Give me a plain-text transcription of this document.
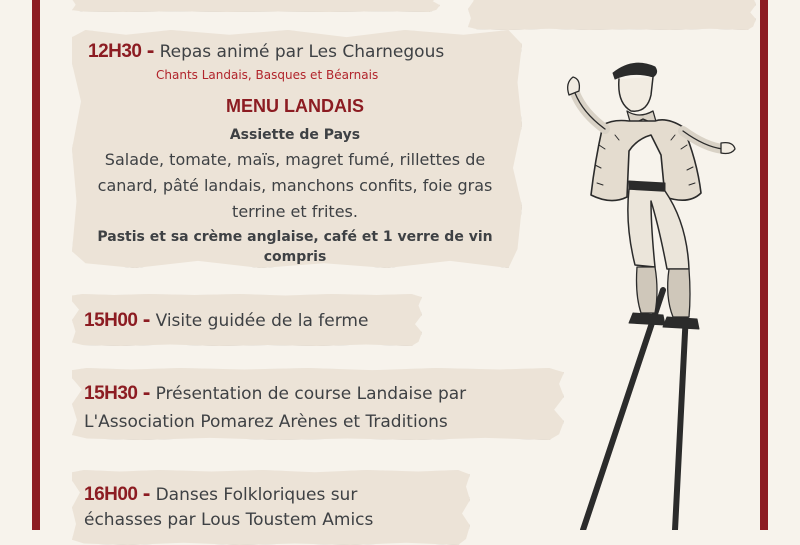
12H30 - Repas animé par Les Charnegous
Chants Landais, Basques et Béarnais
MENU LANDAIS
Assiette de Pays
Salade, tomate, maïs, magret fumé, rillettes de
canard, pâté landais, manchons confits, foie gras
terrine et frites.
Pastis et sa crème anglaise, café et 1 verre de vin
compris
15H00 - Visite guidée de la ferme
15H30 - Présentation de course Landaise par
L'Association Pomarez Arènes et Traditions
16H00 - Danses Folkloriques sur
échasses par Lous Toustem Amics
